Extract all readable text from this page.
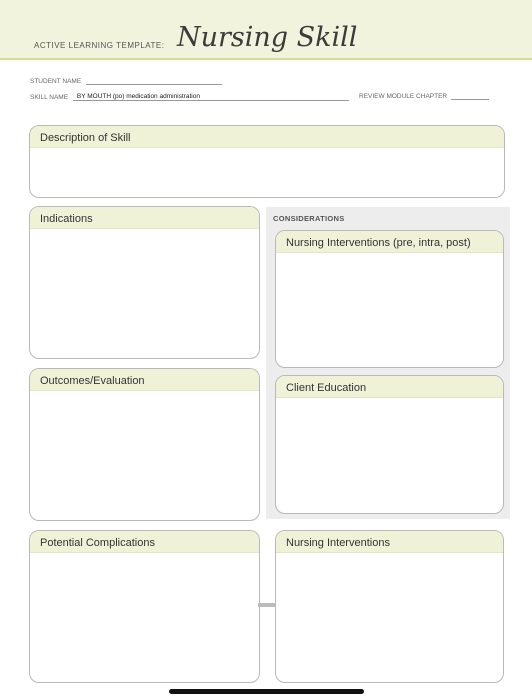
ACTIVE LEARNING TEMPLATE: Nursing Skill
STUDENT NAME
SKILL NAME BY MOUTH (po) medication administration	REVIEW MODULE CHAPTER
Description of Skill
Indications	CONSIDERATIONS
Nursing Interventions (pre, intra, post)
Outcomes/Evaluation
Client Education
Potential Complications	Nursing Interventions
